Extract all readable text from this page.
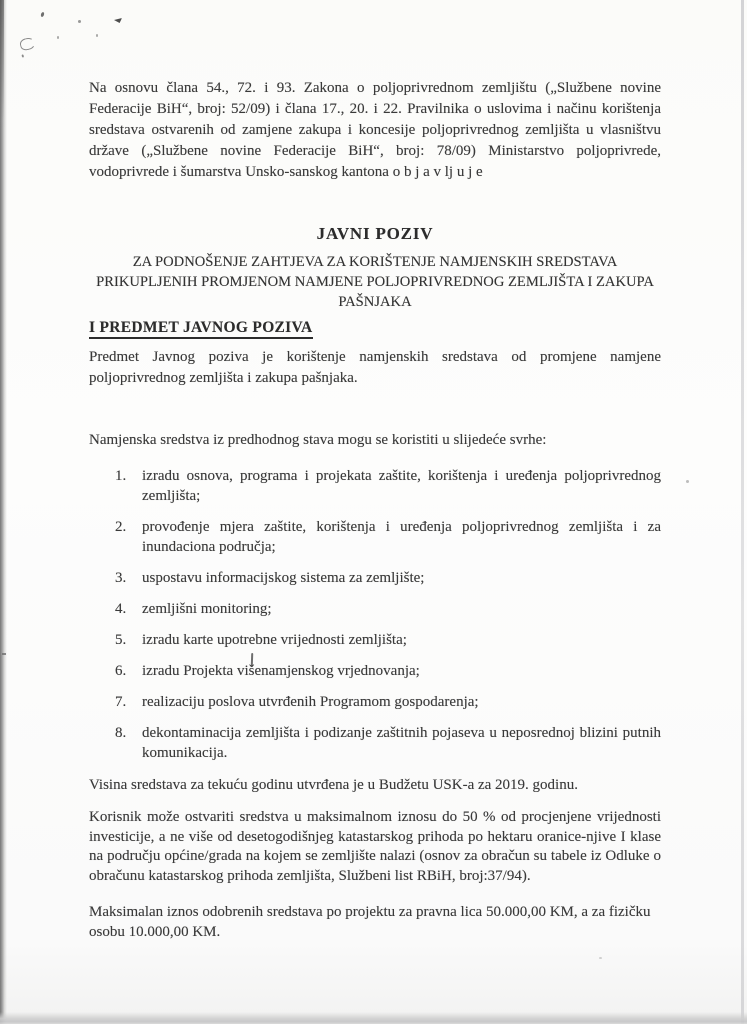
Na osnovu člana 54., 72. i 93. Zakona o poljoprivrednom zemljištu („Službene novine Federacije BiH“, broj: 52/09) i člana 17., 20. i 22. Pravilnika o uslovima i načinu korištenja sredstava ostvarenih od zamjene zakupa i koncesije poljoprivrednog zemljišta u vlasništvu države („Službene novine Federacije BiH“, broj: 78/09) Ministarstvo poljoprivrede, vodoprivrede i šumarstva Unsko-sanskog kantona o b j a v lj u j e

JAVNI POZIV
ZA PODNOŠENJE ZAHTJEVA ZA KORIŠTENJE NAMJENSKIH SREDSTAVA PRIKUPLJENIH PROMJENOM NAMJENE POLJOPRIVREDNOG ZEMLJIŠTA I ZAKUPA PAŠNJAKA
I PREDMET JAVNOG POZIVA

Predmet Javnog poziva je korištenje namjenskih sredstava od promjene namjene poljoprivrednog zemljišta i zakupa pašnjaka.

Namjenska sredstva iz predhodnog stava mogu se koristiti u slijedeće svrhe:

1.	izradu osnova, programa i projekata zaštite, korištenja i uređenja poljoprivrednog zemljišta;
2.	provođenje mjera zaštite, korištenja i uređenja poljoprivrednog zemljišta i za inundaciona područja;
3.	uspostavu informacijskog sistema za zemljište;
4.	zemljišni monitoring;
5.	izradu karte upotrebne vrijednosti zemljišta;
6.	izradu Projekta višenamjenskog vrjednovanja;
7.	realizaciju poslova utvrđenih Programom gospodarenja;
8.	dekontaminacija zemljišta i podizanje zaštitnih pojaseva u neposrednoj blizini putnih komunikacija.

Visina sredstava za tekuću godinu utvrđena je u Budžetu USK-a za 2019. godinu.

Korisnik može ostvariti sredstva u maksimalnom iznosu do 50 % od procjenjene vrijednosti investicije, a ne više od desetogodišnjeg katastarskog prihoda po hektaru oranice-njive I klase na području općine/grada na kojem se zemljište nalazi (osnov za obračun su tabele iz Odluke o obračunu katastarskog prihoda zemljišta, Službeni list RBiH, broj:37/94).

Maksimalan iznos odobrenih sredstava po projektu za pravna lica 50.000,00 KM, a za fizičku osobu 10.000,00 KM.
